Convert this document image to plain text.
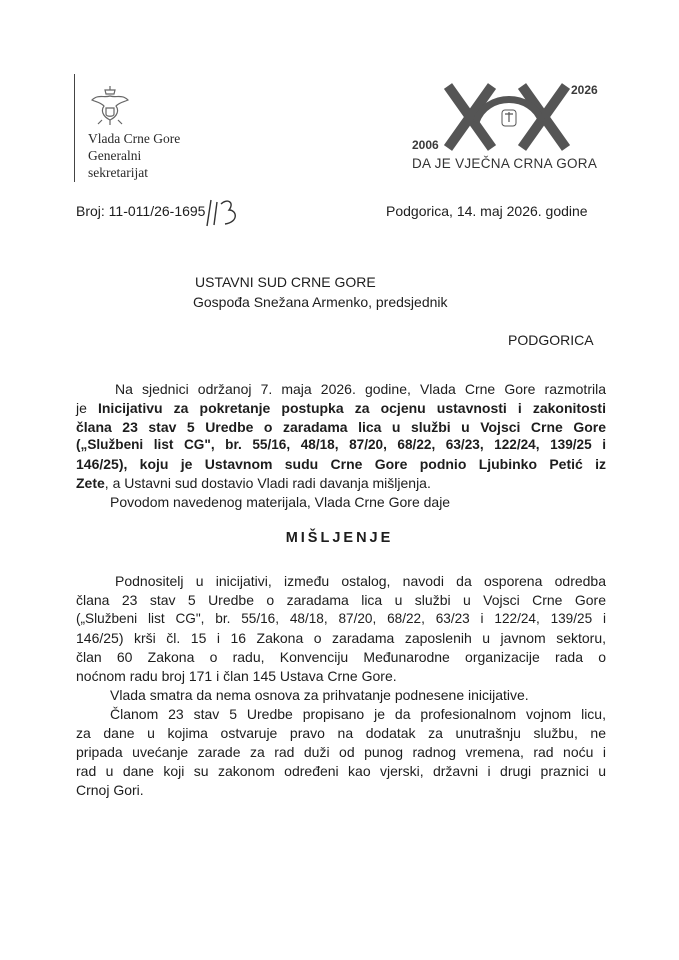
Vlada Crne Gore
Generalni
sekretarijat
2026
2006
DA JE VJEČNA CRNA GORA
Broj: 11-011/26-1695	Podgorica, 14. maj 2026. godine
USTAVNI SUD CRNE GORE
Gospođa Snežana Armenko, predsjednik
PODGORICA
Na sjednici održanoj 7. maja 2026. godine, Vlada Crne Gore razmotrila
je Inicijativu za pokretanje postupka za ocjenu ustavnosti i zakonitosti
člana 23 stav 5 Uredbe o zaradama lica u službi u Vojsci Crne Gore
(„Službeni list CG", br. 55/16, 48/18, 87/20, 68/22, 63/23, 122/24, 139/25 i
146/25), koju je Ustavnom sudu Crne Gore podnio Ljubinko Petić iz
Zete, a Ustavni sud dostavio Vladi radi davanja mišljenja.
Povodom navedenog materijala, Vlada Crne Gore daje
MIŠLJENJE
Podnositelj u inicijativi, između ostalog, navodi da osporena odredba
člana 23 stav 5 Uredbe o zaradama lica u službi u Vojsci Crne Gore
(„Službeni list CG", br. 55/16, 48/18, 87/20, 68/22, 63/23 i 122/24, 139/25 i
146/25) krši čl. 15 i 16 Zakona o zaradama zaposlenih u javnom sektoru,
član 60 Zakona o radu, Konvenciju Međunarodne organizacije rada o
noćnom radu broj 171 i član 145 Ustava Crne Gore.
Vlada smatra da nema osnova za prihvatanje podnesene inicijative.
Članom 23 stav 5 Uredbe propisano je da profesionalnom vojnom licu,
za dane u kojima ostvaruje pravo na dodatak za unutrašnju službu, ne
pripada uvećanje zarade za rad duži od punog radnog vremena, rad noću i
rad u dane koji su zakonom određeni kao vjerski, državni i drugi praznici u
Crnoj Gori.
